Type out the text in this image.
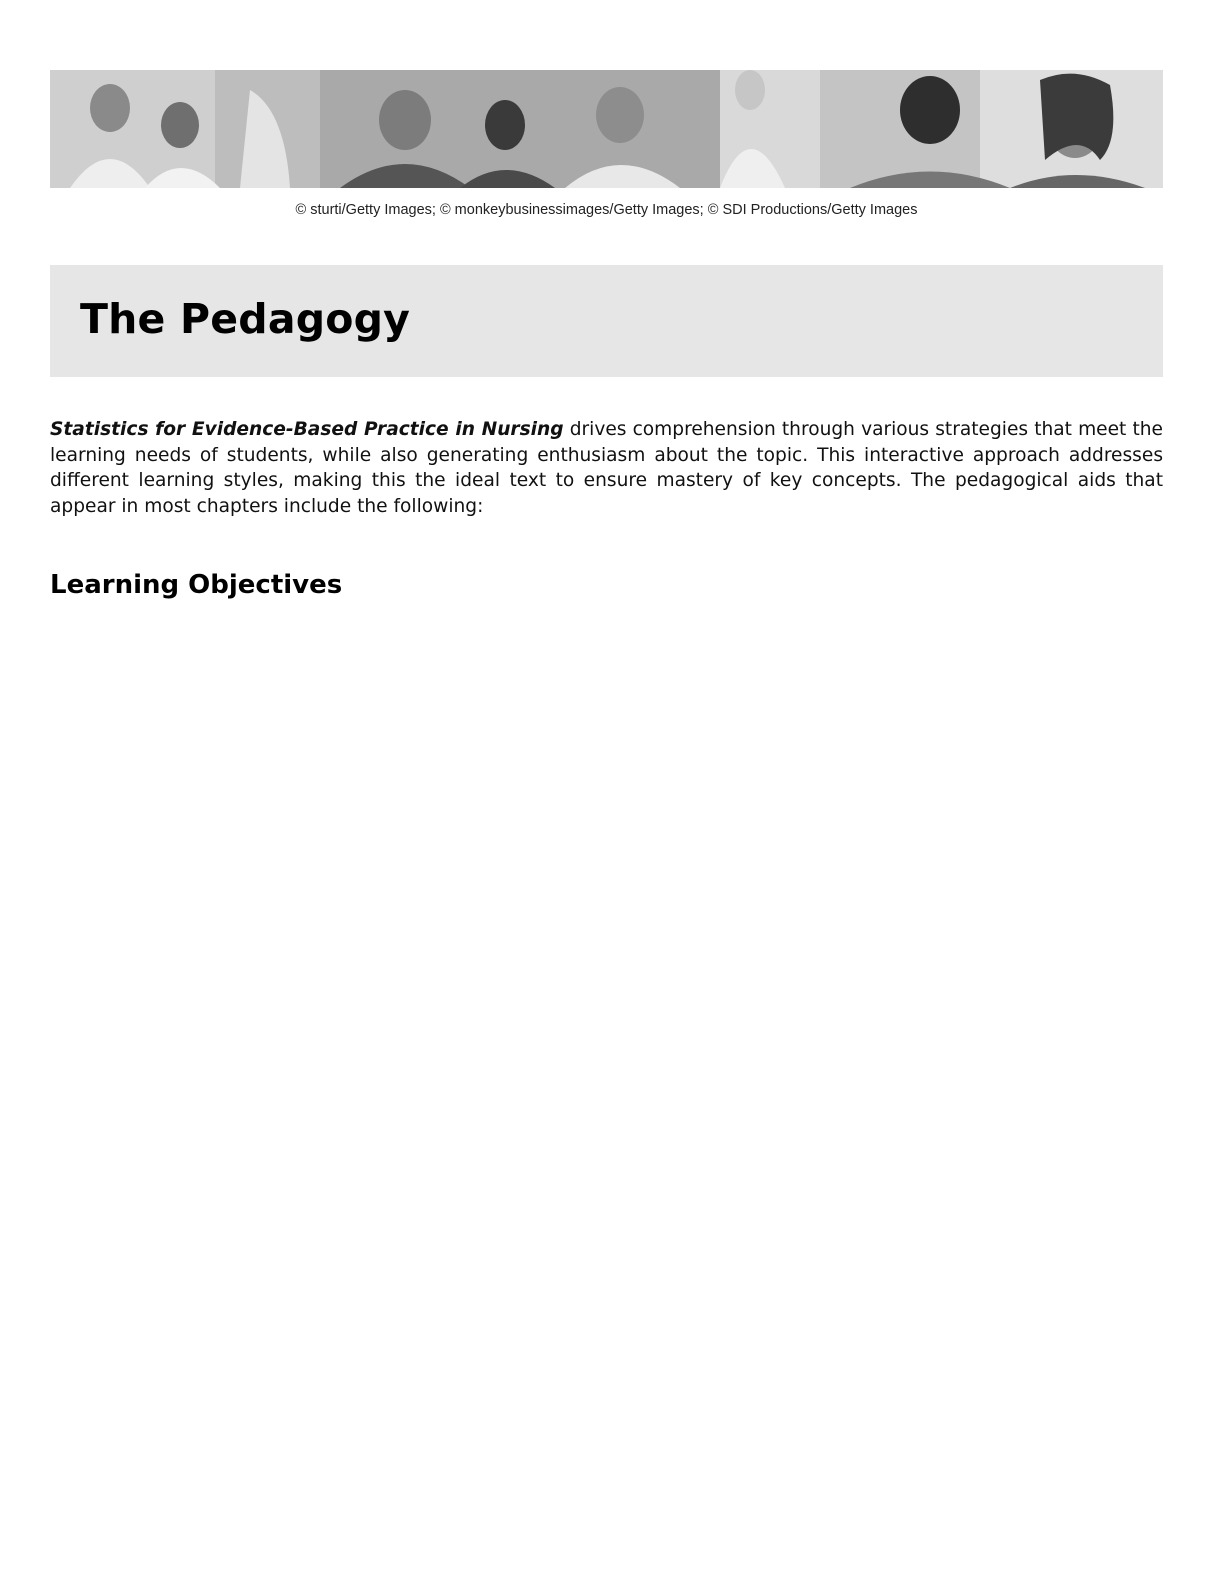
© sturti/Getty Images; © monkeybusinessimages/Getty Images; © SDI Productions/Getty Images
The Pedagogy

Statistics for Evidence-Based Practice in Nursing drives comprehension through various strategies that meet the learning needs of students, while also generating enthusiasm about the topic. This interactive approach addresses different learning styles, making this the ideal text to ensure mastery of key concepts. The pedagogical aids that appear in most chapters include the following:

Learning Objectives
